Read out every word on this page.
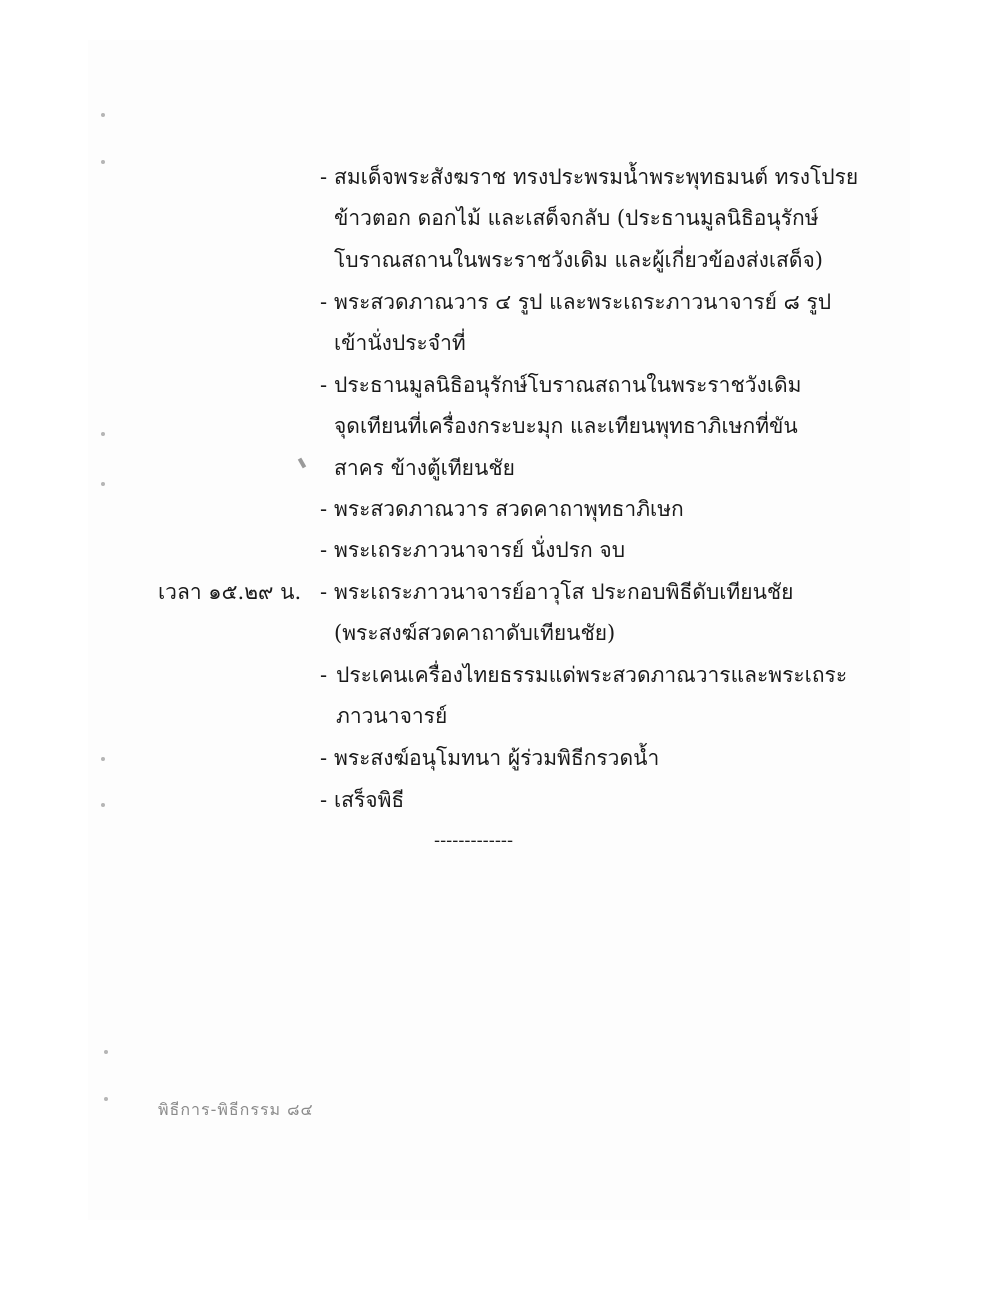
- สมเด็จพระสังฆราช ทรงประพรมน้ำพระพุทธมนต์ ทรงโปรย
ข้าวตอก ดอกไม้ และเสด็จกลับ (ประธานมูลนิธิอนุรักษ์
โบราณสถานในพระราชวังเดิม และผู้เกี่ยวข้องส่งเสด็จ)
- พระสวดภาณวาร ๔ รูป และพระเถระภาวนาจารย์ ๘ รูป
เข้านั่งประจำที่
- ประธานมูลนิธิอนุรักษ์โบราณสถานในพระราชวังเดิม
จุดเทียนที่เครื่องกระบะมุก และเทียนพุทธาภิเษกที่ขัน
สาคร ข้างตู้เทียนชัย
- พระสวดภาณวาร สวดคาถาพุทธาภิเษก
- พระเถระภาวนาจารย์ นั่งปรก จบ
เวลา ๑๕.๒๙ น. - พระเถระภาวนาจารย์อาวุโส ประกอบพิธีดับเทียนชัย
(พระสงฆ์สวดคาถาดับเทียนชัย)
- ประเคนเครื่องไทยธรรมแด่พระสวดภาณวารและพระเถระ
ภาวนาจารย์
- พระสงฆ์อนุโมทนา ผู้ร่วมพิธีกรวดน้ำ
- เสร็จพิธี
-------------
พิธีการ-พิธีกรรม ๘๔
